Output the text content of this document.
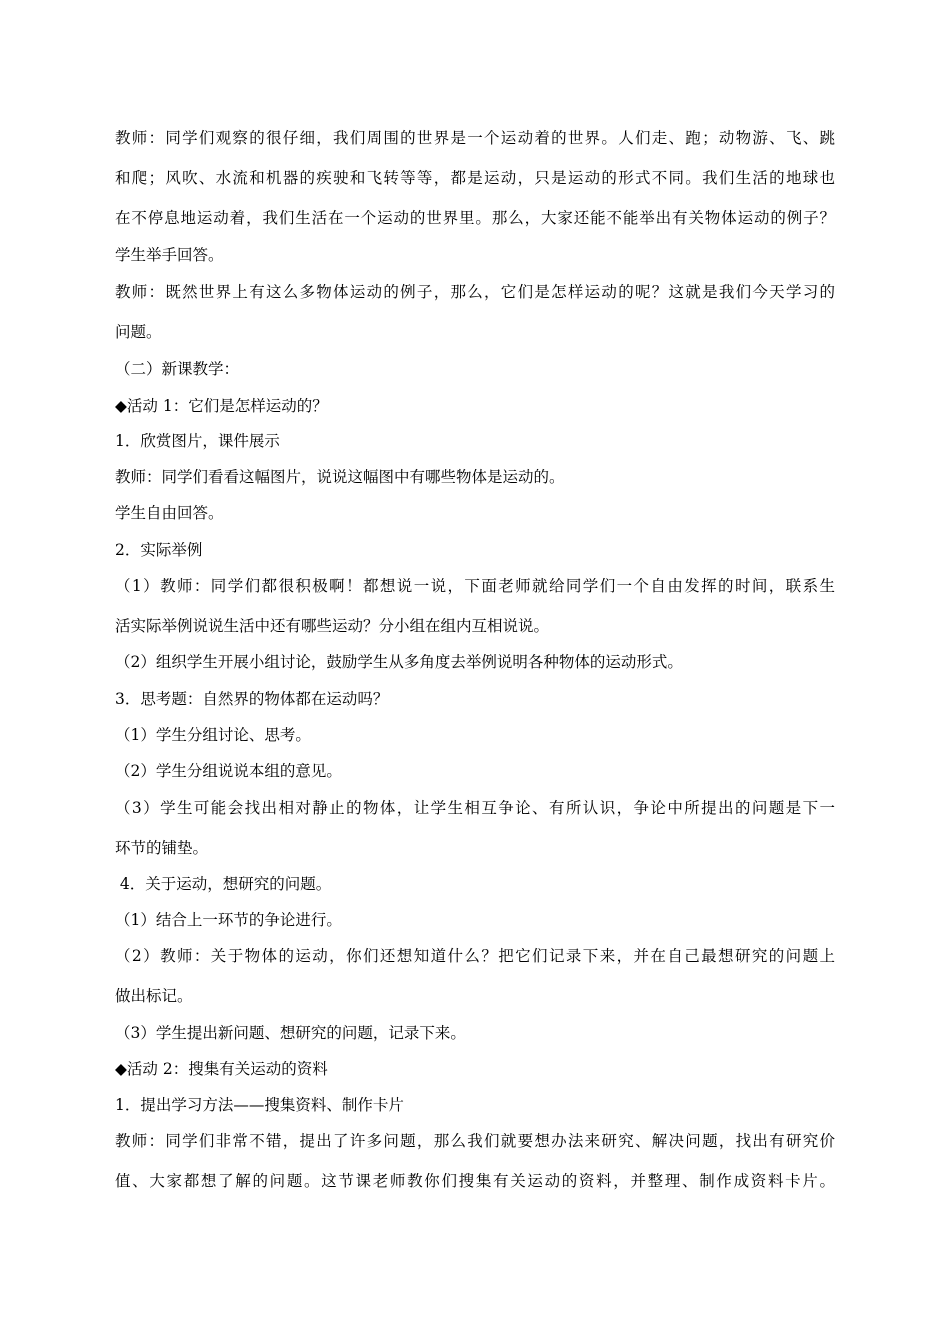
教师：同学们观察的很仔细，我们周围的世界是一个运动着的世界。人们走、跑；动物游、飞、跳
和爬；风吹、水流和机器的疾驶和飞转等等，都是运动，只是运动的形式不同。我们生活的地球也
在不停息地运动着，我们生活在一个运动的世界里。那么，大家还能不能举出有关物体运动的例子？
学生举手回答。
教师：既然世界上有这么多物体运动的例子，那么，它们是怎样运动的呢？这就是我们今天学习的
问题。
（二）新课教学：
◆活动 1：它们是怎样运动的？
1．欣赏图片，课件展示
教师：同学们看看这幅图片，说说这幅图中有哪些物体是运动的。
学生自由回答。
2．实际举例
（1）教师：同学们都很积极啊！都想说一说，下面老师就给同学们一个自由发挥的时间，联系生
活实际举例说说生活中还有哪些运动？分小组在组内互相说说。
（2）组织学生开展小组讨论，鼓励学生从多角度去举例说明各种物体的运动形式。
3．思考题：自然界的物体都在运动吗？
（1）学生分组讨论、思考。
（2）学生分组说说本组的意见。
（3）学生可能会找出相对静止的物体，让学生相互争论、有所认识，争论中所提出的问题是下一
环节的铺垫。
4．关于运动，想研究的问题。
（1）结合上一环节的争论进行。
（2）教师：关于物体的运动，你们还想知道什么？把它们记录下来，并在自己最想研究的问题上
做出标记。
（3）学生提出新问题、想研究的问题，记录下来。
◆活动 2：搜集有关运动的资料
1．提出学习方法——搜集资料、制作卡片
教师：同学们非常不错，提出了许多问题，那么我们就要想办法来研究、解决问题，找出有研究价
值、大家都想了解的问题。这节课老师教你们搜集有关运动的资料，并整理、制作成资料卡片。
